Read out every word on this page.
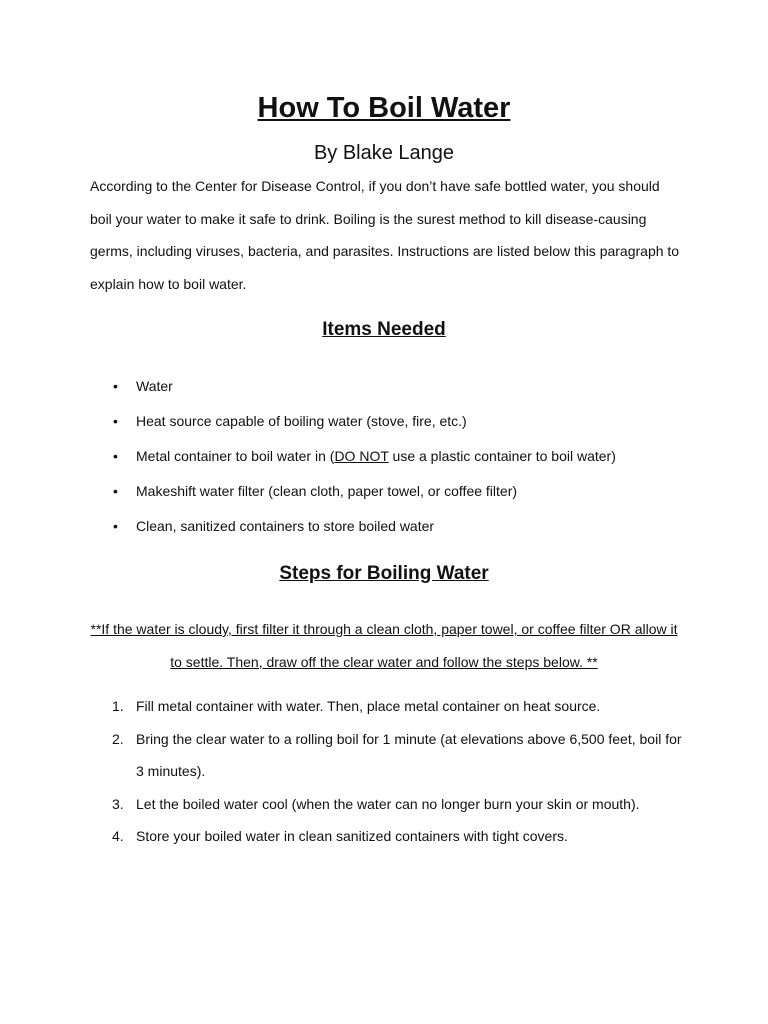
How To Boil Water

By Blake Lange

According to the Center for Disease Control, if you don’t have safe bottled water, you should boil your water to make it safe to drink. Boiling is the surest method to kill disease-causing germs, including viruses, bacteria, and parasites. Instructions are listed below this paragraph to explain how to boil water.

Items Needed
• Water
• Heat source capable of boiling water (stove, fire, etc.)
• Metal container to boil water in (DO NOT use a plastic container to boil water)
• Makeshift water filter (clean cloth, paper towel, or coffee filter)
• Clean, sanitized containers to store boiled water
Steps for Boiling Water

**If the water is cloudy, first filter it through a clean cloth, paper towel, or coffee filter OR allow it to settle. Then, draw off the clear water and follow the steps below. **

1. Fill metal container with water. Then, place metal container on heat source.
2. Bring the clear water to a rolling boil for 1 minute (at elevations above 6,500 feet, boil for 3 minutes).
3. Let the boiled water cool (when the water can no longer burn your skin or mouth).
4. Store your boiled water in clean sanitized containers with tight covers.
